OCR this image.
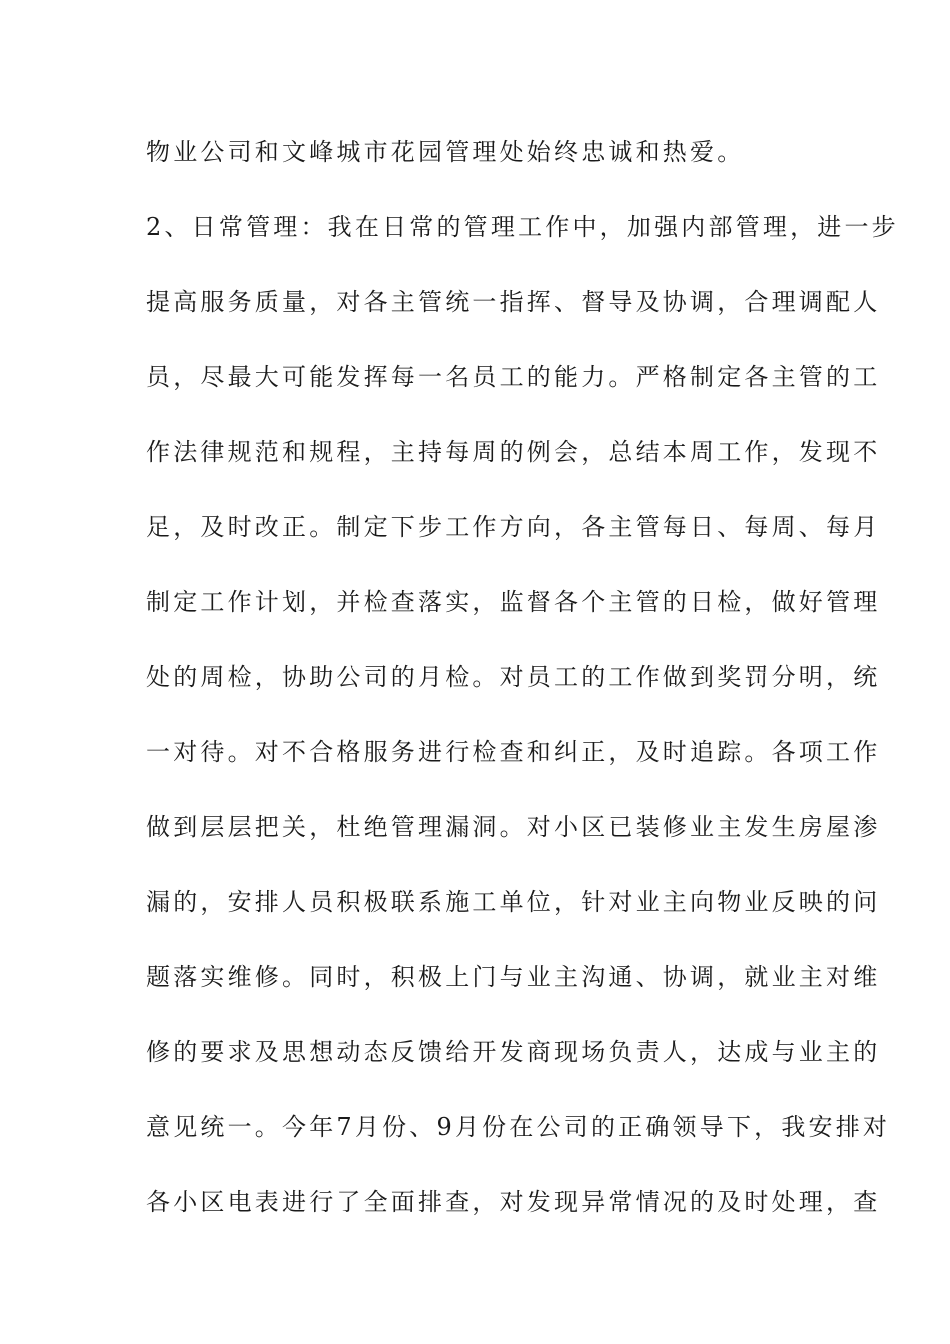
物业公司和文峰城市花园管理处始终忠诚和热爱。
2、日常管理：我在日常的管理工作中，加强内部管理，进一步
提高服务质量，对各主管统一指挥、督导及协调，合理调配人
员，尽最大可能发挥每一名员工的能力。严格制定各主管的工
作法律规范和规程，主持每周的例会，总结本周工作，发现不
足，及时改正。制定下步工作方向，各主管每日、每周、每月
制定工作计划，并检查落实，监督各个主管的日检，做好管理
处的周检，协助公司的月检。对员工的工作做到奖罚分明，统
一对待。对不合格服务进行检查和纠正，及时追踪。各项工作
做到层层把关，杜绝管理漏洞。对小区已装修业主发生房屋渗
漏的，安排人员积极联系施工单位，针对业主向物业反映的问
题落实维修。同时，积极上门与业主沟通、协调，就业主对维
修的要求及思想动态反馈给开发商现场负责人，达成与业主的
意见统一。今年7月份、9月份在公司的正确领导下，我安排对
各小区电表进行了全面排查，对发现异常情况的及时处理，查
